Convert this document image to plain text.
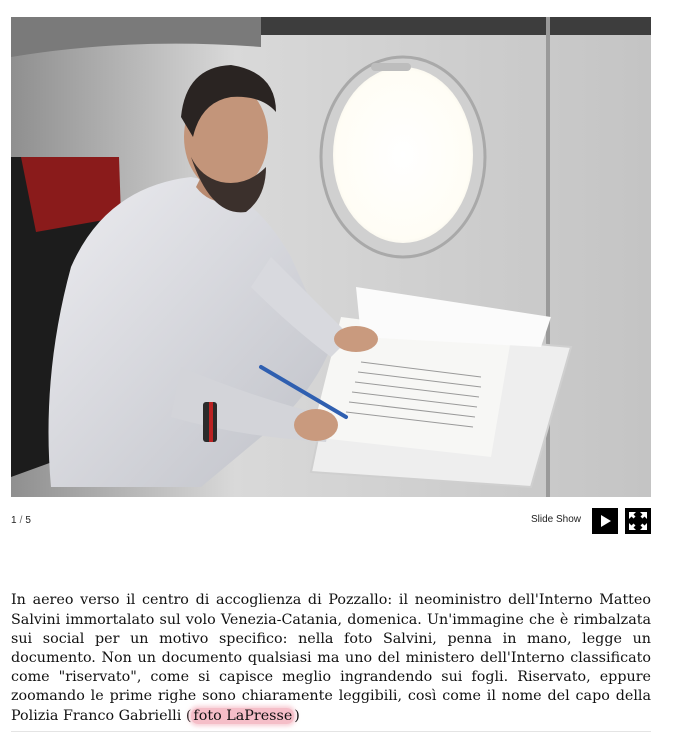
1 / 5	Slide Show

In aereo verso il centro di accoglienza di Pozzallo: il neoministro dell'Interno Matteo Salvini immortalato sul volo Venezia-Catania, domenica. Un'immagine che è rimbalzata sui social per un motivo specifico: nella foto Salvini, penna in mano, legge un documento. Non un documento qualsiasi ma uno del ministero dell'Interno classificato come "riservato", come si capisce meglio ingrandendo sui fogli. Riservato, eppure zoomando le prime righe sono chiaramente leggibili, così come il nome del capo della Polizia Franco Gabrielli ( foto LaPresse )
